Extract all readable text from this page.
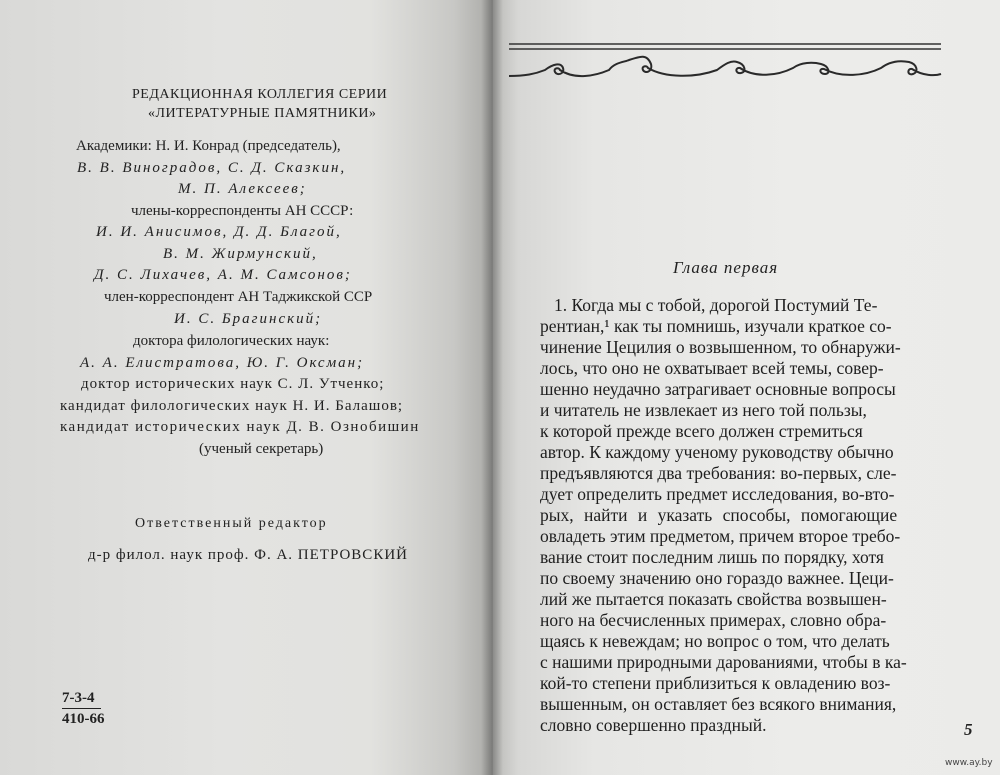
РЕДАКЦИОННАЯ КОЛЛЕГИЯ СЕРИИ
«ЛИТЕРАТУРНЫЕ ПАМЯТНИКИ»
Академики: Н. И. Конрад (председатель),
В. В. Виноградов, С. Д. Сказкин,
М. П. Алексеев;
члены-корреспонденты АН СССР:
И. И. Анисимов, Д. Д. Благой,
В. М. Жирмунский,
Д. С. Лихачев, А. М. Самсонов;
член-корреспондент АН Таджикской ССР
И. С. Брагинский;
доктора филологических наук:
А. А. Елистратова, Ю. Г. Оксман;
доктор исторических наук С. Л. Утченко;
кандидат филологических наук Н. И. Балашов;
кандидат исторических наук Д. В. Ознобишин
(ученый секретарь)
Ответственный редактор
д-р филол. наук проф. Ф. А. ПЕТРОВСКИЙ
7-3-4
410-66
Глава первая
1. Когда мы с тобой, дорогой Постумий Те-
рентиан,¹ как ты помнишь, изучали краткое со-
чинение Цецилия о возвышенном, то обнаружи-
лось, что оно не охватывает всей темы, совер-
шенно неудачно затрагивает основные вопросы
и читатель не извлекает из него той пользы,
к которой прежде всего должен стремиться
автор. К каждому ученому руководству обычно
предъявляются два требования: во-первых, сле-
дует определить предмет исследования, во-вто-
рых, найти и указать способы, помогающие
овладеть этим предметом, причем второе требо-
вание стоит последним лишь по порядку, хотя
по своему значению оно гораздо важнее. Цеци-
лий же пытается показать свойства возвышен-
ного на бесчисленных примерах, словно обра-
щаясь к невеждам; но вопрос о том, что делать
с нашими природными дарованиями, чтобы в ка-
кой-то степени приблизиться к овладению воз-
вышенным, он оставляет без всякого внимания,
словно совершенно праздный.	5
www.ay.by
